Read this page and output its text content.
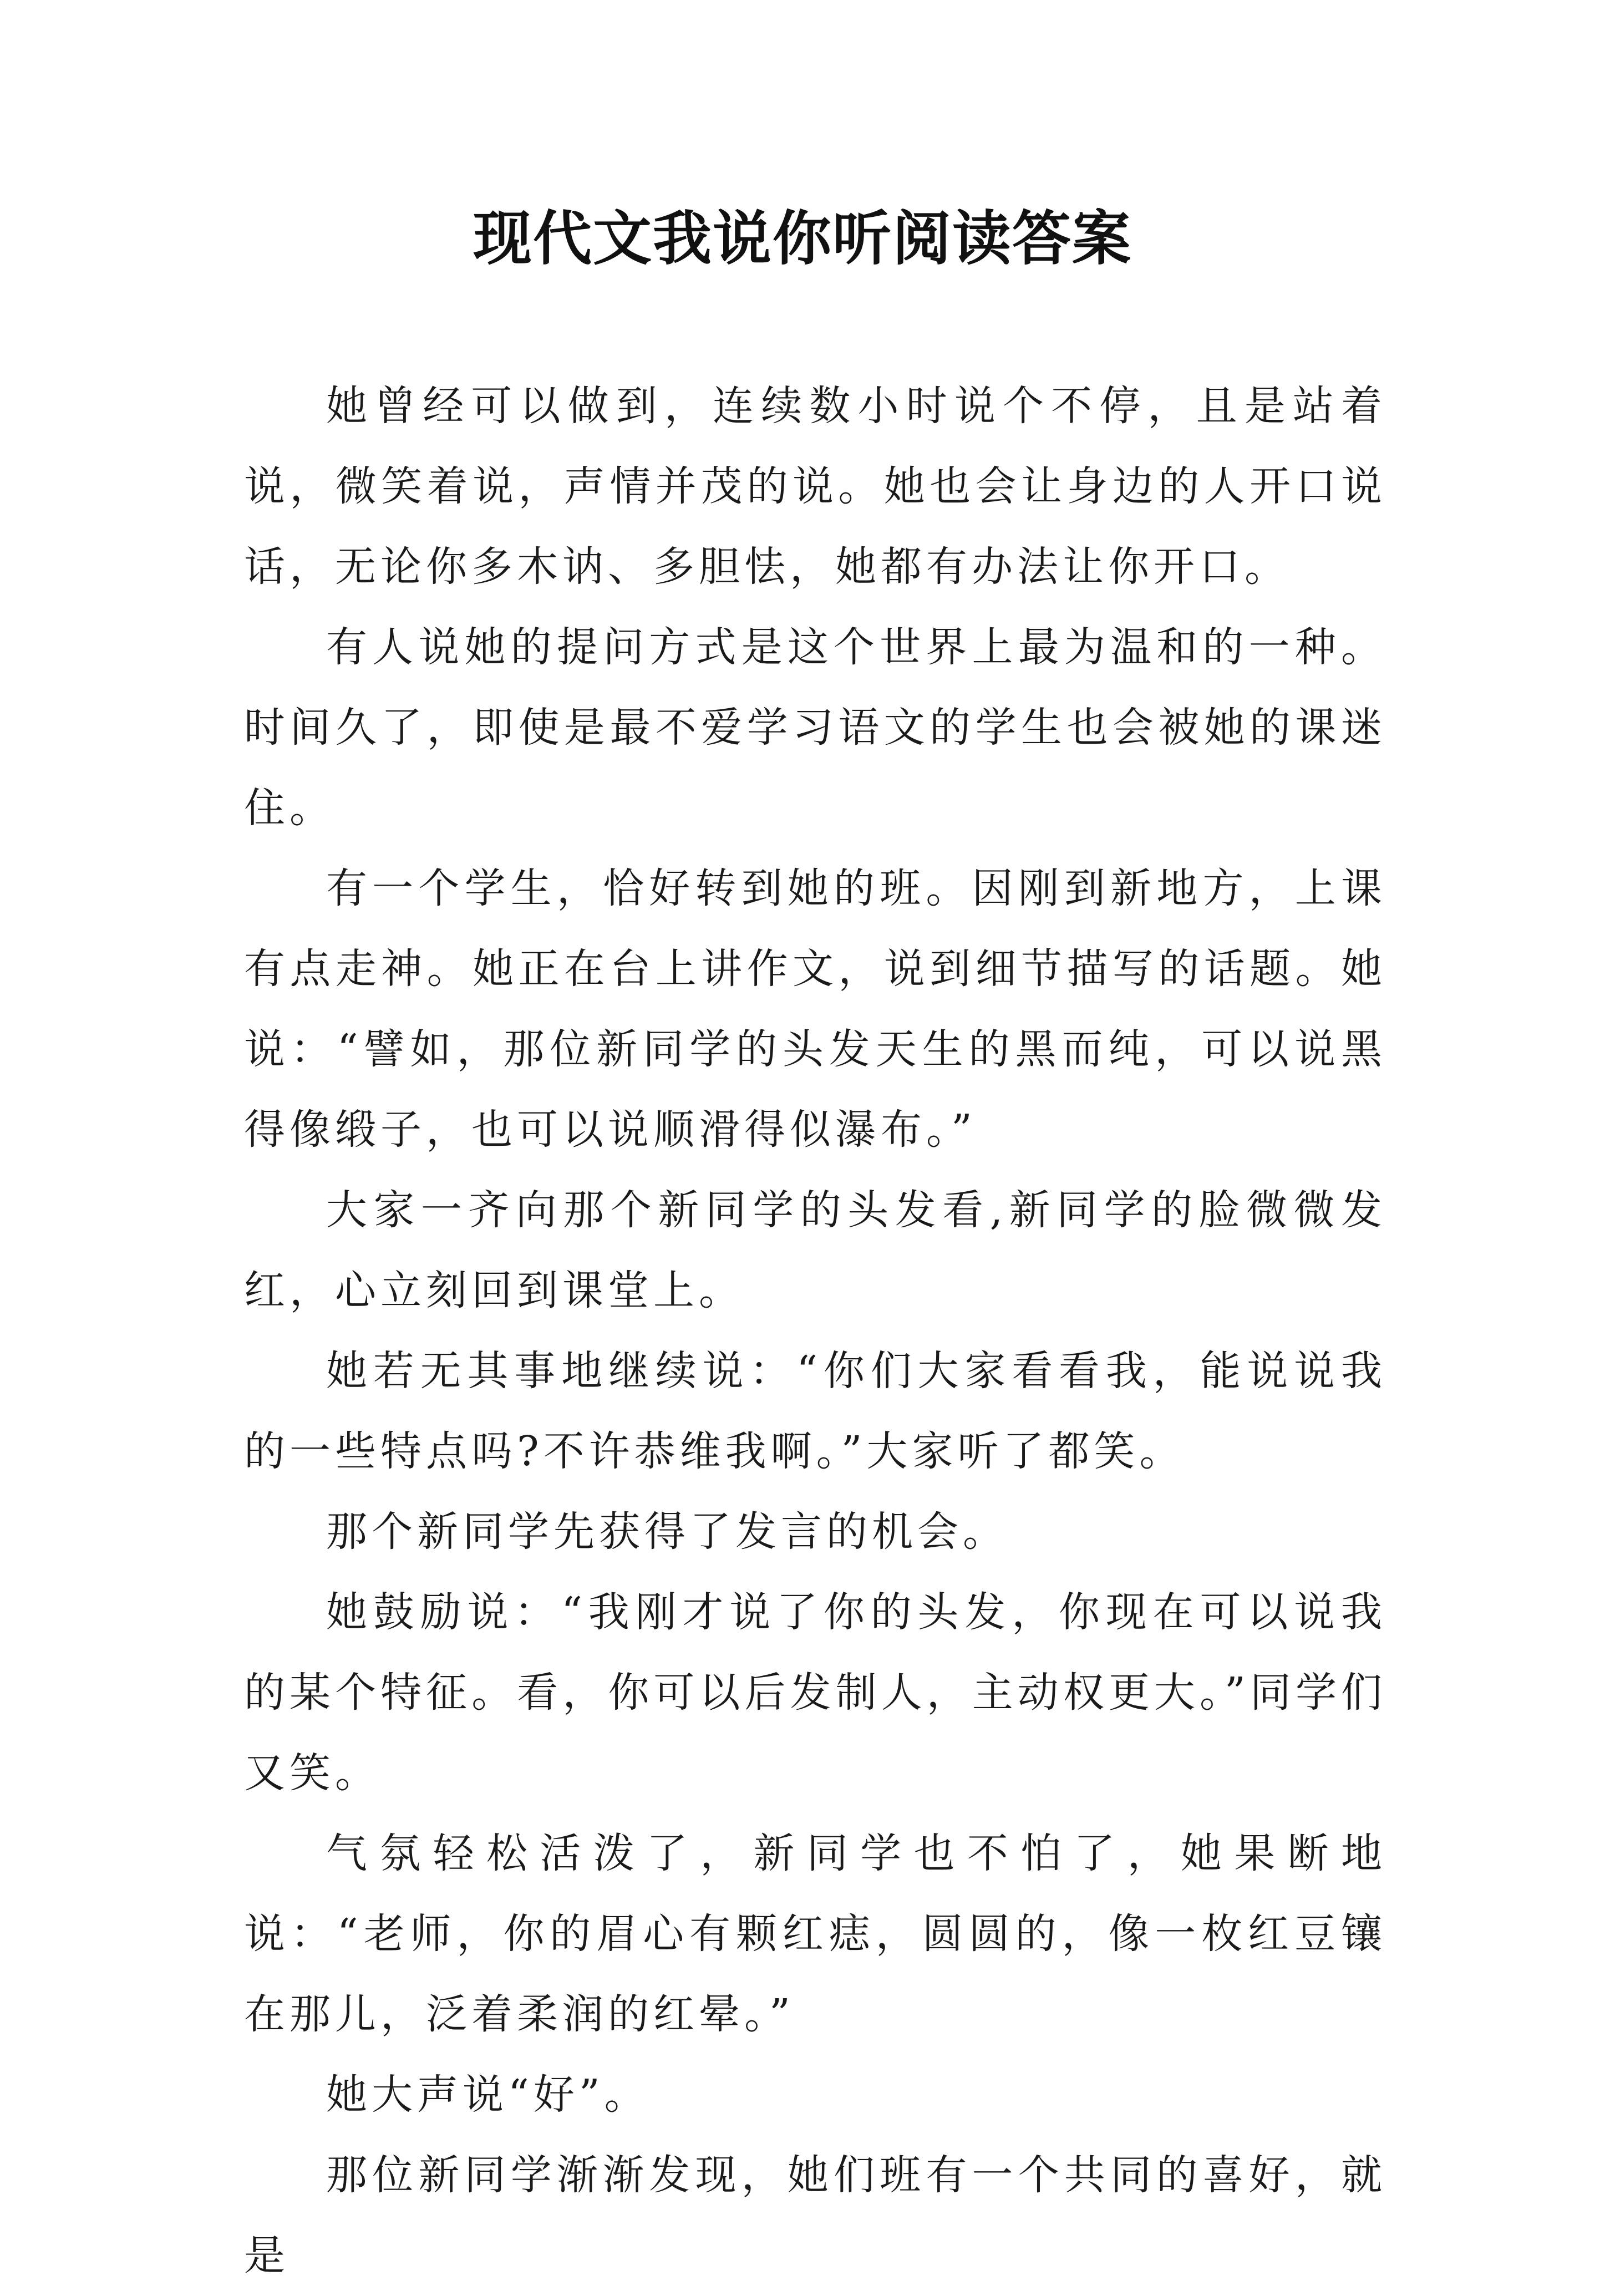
现代文我说你听阅读答案

她曾经可以做到，连续数小时说个不停，且是站着说，微笑着说，声情并茂的说。她也会让身边的人开口说话，无论你多木讷、多胆怯，她都有办法让你开口。

有人说她的提问方式是这个世界上最为温和的一种。时间久了，即使是最不爱学习语文的学生也会被她的课迷住。

有一个学生，恰好转到她的班。因刚到新地方，上课有点走神。她正在台上讲作文，说到细节描写的话题。她说：“譬如，那位新同学的头发天生的黑而纯，可以说黑得像缎子，也可以说顺滑得似瀑布。”

大家一齐向那个新同学的头发看,新同学的脸微微发红，心立刻回到课堂上。

她若无其事地继续说：“你们大家看看我，能说说我的一些特点吗?不许恭维我啊。”大家听了都笑。

那个新同学先获得了发言的机会。

她鼓励说：“我刚才说了你的头发，你现在可以说我的某个特征。看，你可以后发制人，主动权更大。”同学们又笑。

气氛轻松活泼了，新同学也不怕了，她果断地说：“老师，你的眉心有颗红痣，圆圆的，像一枚红豆镶在那儿，泛着柔润的红晕。”

她大声说“好”。

那位新同学渐渐发现，她们班有一个共同的喜好，就是
